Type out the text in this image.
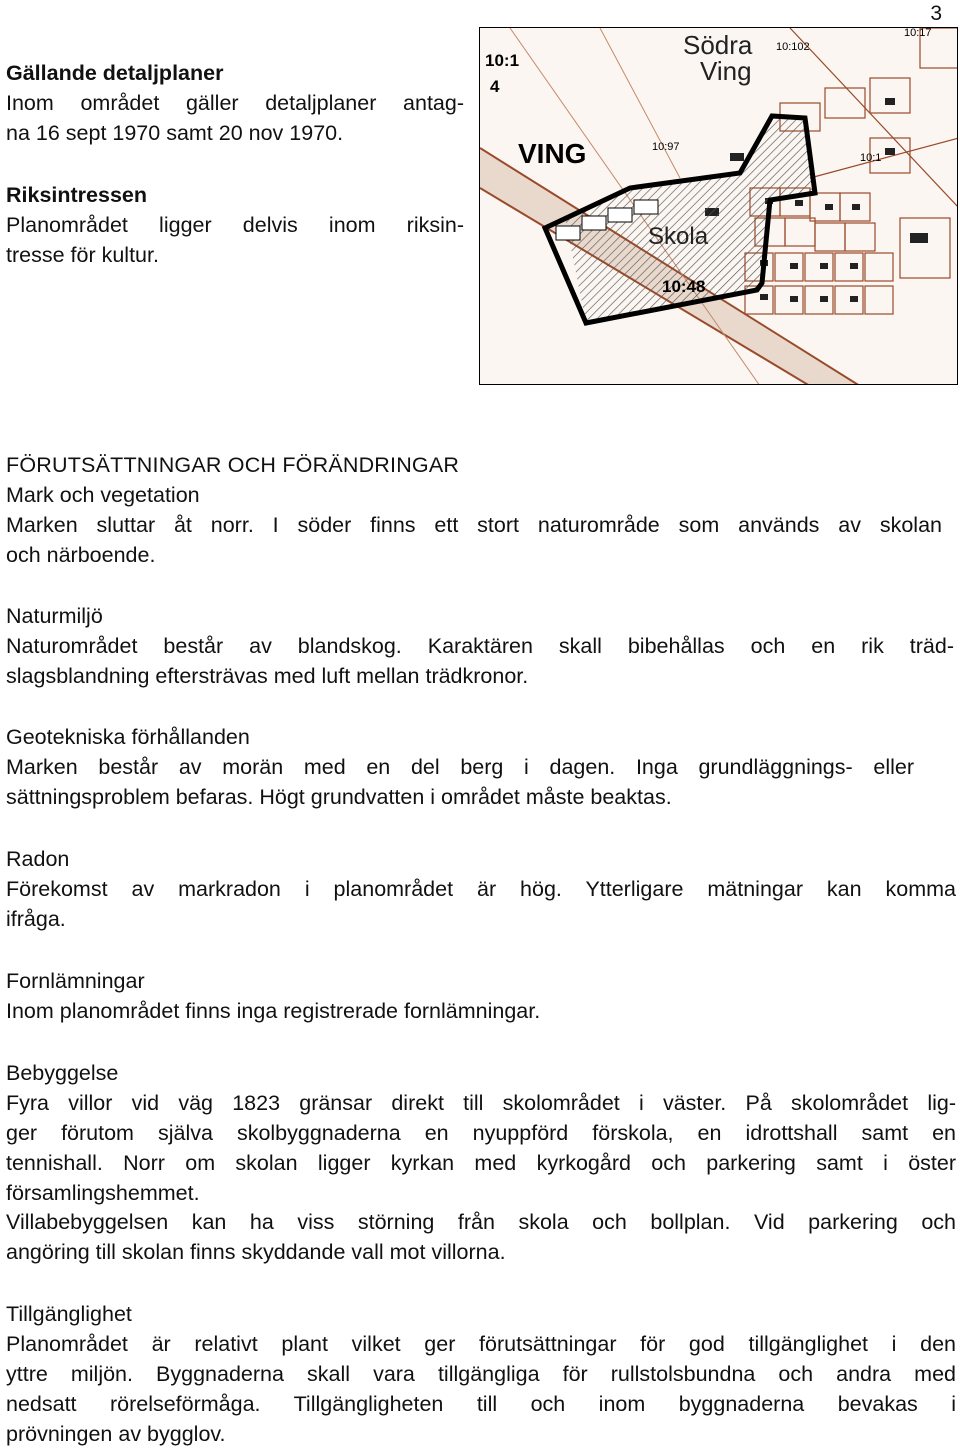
3

Gällande detaljplaner

Inom området gäller detaljplaner antag-

na 16 sept 1970 samt 20 nov 1970.

Riksintressen

Planområdet ligger delvis inom riksin-

tresse för kultur.

10:1
4
VING
Södra
Ving
10:102
10:17
10:97
10:1
Skola
10:48

FÖRUTSÄTTNINGAR OCH FÖRÄNDRINGAR

Mark och vegetation

Marken sluttar åt norr. I söder finns ett stort naturområde som används av skolan

och närboende.

Naturmiljö

Naturområdet består av blandskog. Karaktären skall bibehållas och en rik träd-

slagsblandning eftersträvas med luft mellan trädkronor.

Geotekniska förhållanden

Marken består av morän med en del berg i dagen. Inga grundläggnings- eller

sättningsproblem befaras. Högt grundvatten i området måste beaktas.

Radon

Förekomst av markradon i planområdet är hög. Ytterligare mätningar kan komma

ifråga.

Fornlämningar

Inom planområdet finns inga registrerade fornlämningar.

Bebyggelse

Fyra villor vid väg 1823 gränsar direkt till skolområdet i väster. På skolområdet lig-

ger förutom själva skolbyggnaderna en nyuppförd förskola, en idrottshall samt en

tennishall. Norr om skolan ligger kyrkan med kyrkogård och parkering samt i öster

församlingshemmet.

Villabebyggelsen kan ha viss störning från skola och bollplan. Vid parkering och

angöring till skolan finns skyddande vall mot villorna.

Tillgänglighet

Planområdet är relativt plant vilket ger förutsättningar för god tillgänglighet i den

yttre miljön. Byggnaderna skall vara tillgängliga för rullstolsbundna och andra med

nedsatt rörelseförmåga. Tillgängligheten till och inom byggnaderna bevakas i

prövningen av bygglov.
